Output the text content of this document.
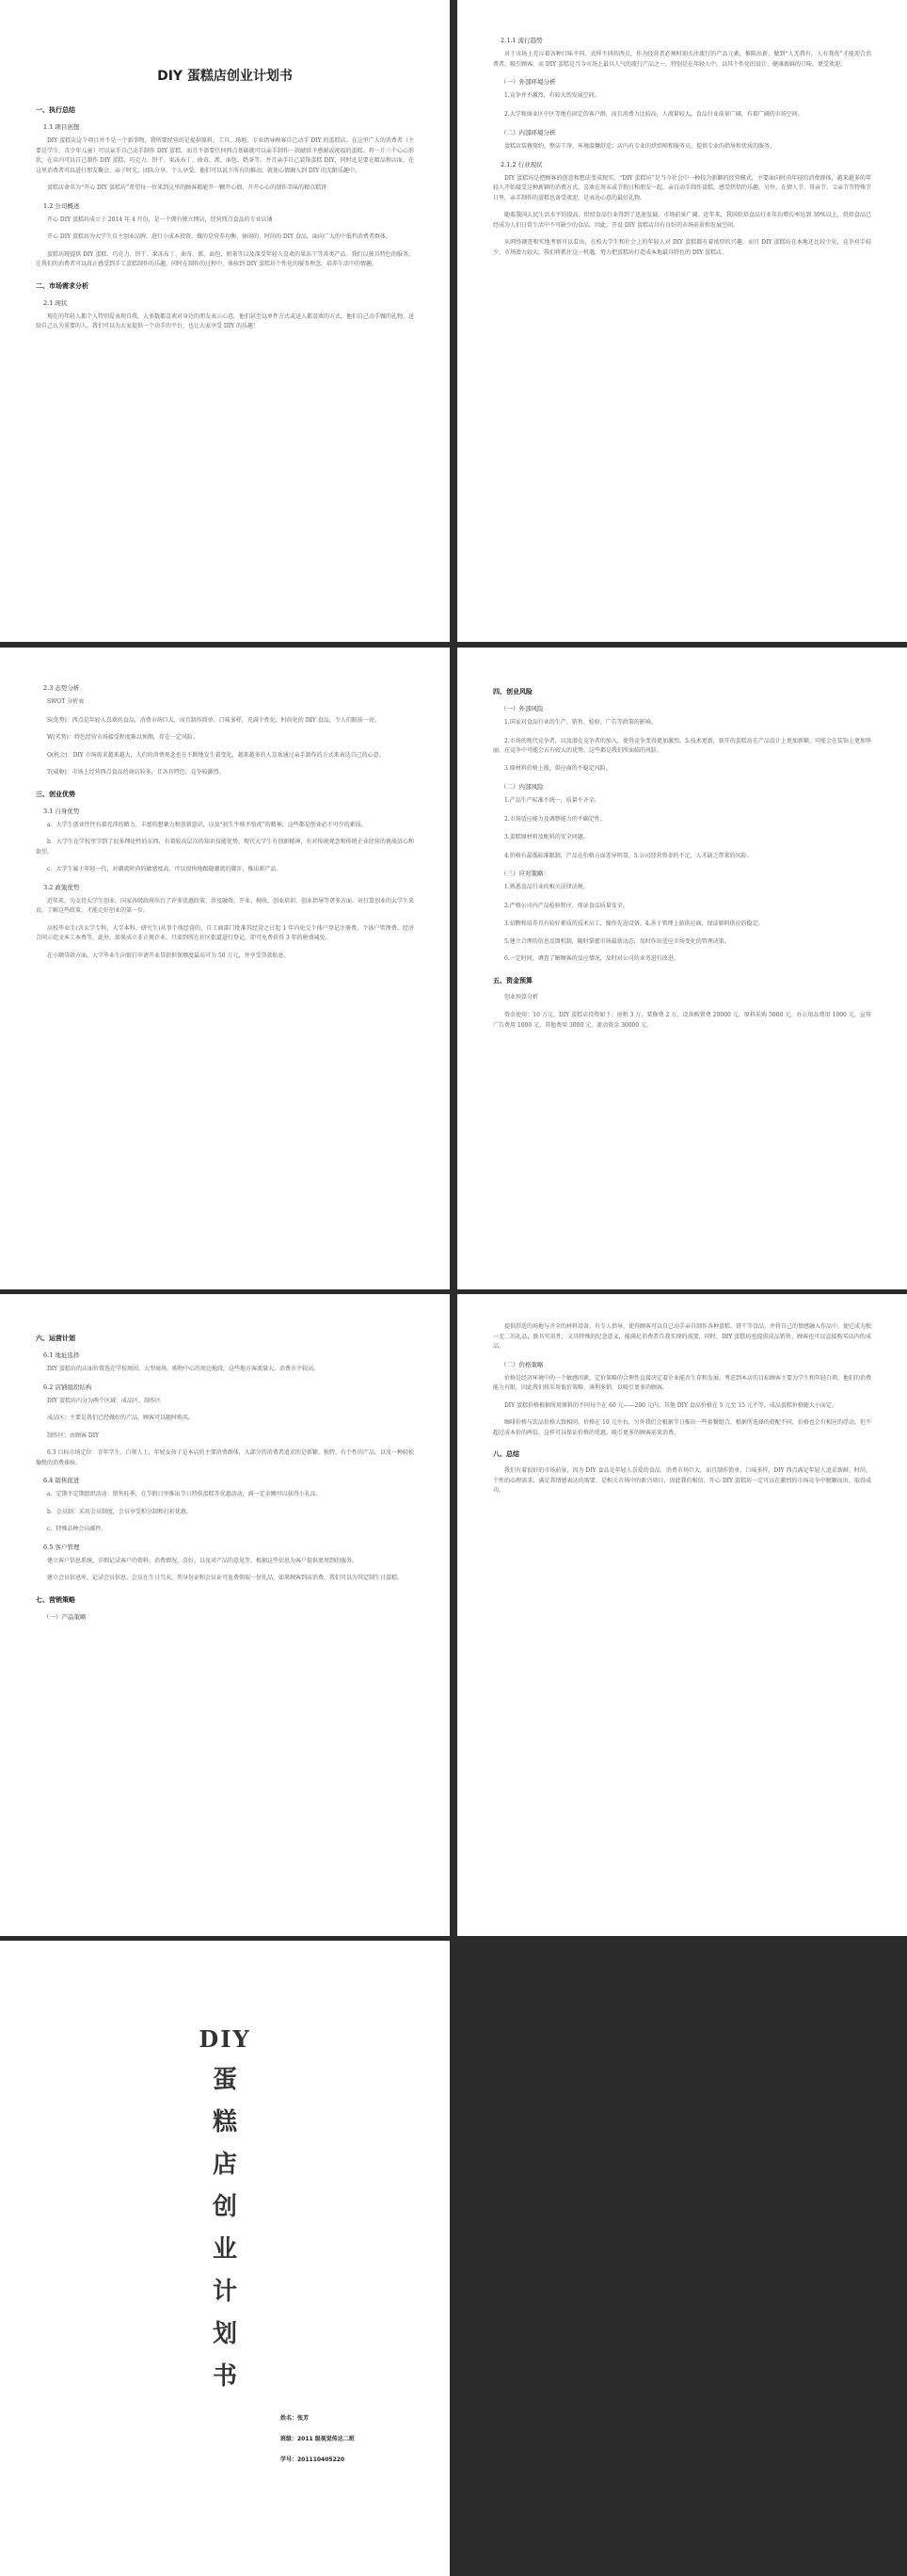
DIY 蛋糕店创业计划书
一、执行总结
1.1 项目创想

DIY 蛋糕店这个项目并不是一个新事物，我所要经营的是提供原料、工具、场地、专业指导顾客自己动手 DIY 的蛋糕店。在这里广大的消费者（主要是学生、青少年儿童）可以亲手自己动手制作 DIY 蛋糕，而且不需要任何西点基础就可以亲手制作一款献给予感谢或祝福的蛋糕。将一片三个心心形状，在店内可以自己制作 DIY 蛋糕、巧克力、饼干、果冻布丁、曲奇、派、面包、奶茶等。并且亲手自己装饰蛋糕 DIY，同时还是要在精品和店面，在这里消费者可以进行朋友聚会、亲子时光，团队分享，个人享受。他们可以说下所有的推动，就使心情融入到 DIY 的无限乐趣中。

蛋糕店命名为“开心 DIY 蛋糕坊”希望每一位来到这里的顾客都能开一颗开心情，开开心心的制作美味的精点糕饼

1.2 公司概述

开心 DIY 蛋糕坊成立于 2014 年 4 月份，是一个拥有独立网店，经营西点食品的专业店铺

开心 DIY 蛋糕坊为大学生自主创业品牌，进行小成本投资，做的是营养均衡、休闲的、时尚的 DIY 食品，面向广大的中低档消费者群体。

蛋糕坊现提供 DIY 蛋糕、巧克力、饼干、果冻布丁、曲奇、派、面包、奶茶等以及深受年轻人喜欢的果冻干等各类产品。我们以独具特色的服务，让我们的消费者可以真正感受到手工蛋糕制作的乐趣，同时在制作的过程中，体验到 DIY 蛋糕坊个性化的服务理念，培养生活中的情趣。

二、市场需求分析
2.1 现状

现在的年轻人都个人特别爱表现自我，大多数都喜欢对身边的朋友表示心意，他们甚至以单件方式或送人都喜欢的方式，他们自己动手做的礼物，送给自己认为重要的人。我们可以为大家提供一个动手的平台，也让大家享受 DIY 的乐趣！

2.1.1 流行趋势

对于市场上充斥着各种口味不同、式样不同的西点，作为经营者必须时刻关注流行的产品元素，推陈出新，做到“人无我有，人有我优”才能迎合消费者，吸引顾客，而 DIY 蛋糕是当今市场上最具人气的流行产品之一，特别是在年轻人中，以其个性化的设计、健康新鲜的口味，更受欢迎。

（一）外部环境分析

1.竞争并不激烈，有较大的发展空间。

2.大学和商业区中区等地有固定的客户群，而且消费力比较高，人流量较大，食品行业前景广阔，有着广阔的市场空间。

（二）内部环境分析

蛋糕店装修简约，整洁干净，环境温馨舒适；店内有专业的烘焙师和服务员，提供专业的指导和优质的服务。

2.1.2 行业现状

DIY 蛋糕坊是把顾客的创意和想法变成现实。“DIY 蛋糕坊”是当今社会中一种较为新颖的经营模式，主要面向时尚年轻的消费群体，越来越多的年轻人开始接受这种新颖的消费方式，喜欢在周末或节假日和朋友一起，亲自动手制作蛋糕，感受烘焙的乐趣。另外，在情人节、母亲节、父亲节等特殊节日里，亲手制作的蛋糕也备受欢迎，是表达心意的最好礼物。

随着我国人民生活水平的提高，烘焙食品行业得到了迅速发展，市场前景广阔。近年来，我国烘焙食品行业年均增长率达到 30%以上，烘焙食品已经成为人们日常生活中不可缺少的食品。因此，开设 DIY 蛋糕店具有良好的市场前景和发展空间。

从网络调查和实地考察可以看出，在校大学生和社会上的年轻人对 DIY 蛋糕都有着浓厚的兴趣，而且 DIY 蛋糕坊在本地还比较少见，竞争对手较少，市场潜力较大。我们将抓住这一机遇，努力把蛋糕坊打造成本地最具特色的 DIY 蛋糕店。

2.3 态势分析

SWOT 分析表

S(优势)：西点是年轻人喜欢的食品，消费市场巨大，而且制作简单、口味多样，充满个性化，时尚化的 DIY 食品，令人们眼前一亮。

W(劣势)：特色经营市场接受程度难以预测，存在一定风险。

O(机会)：DIY 市场需求越来越大，人们的消费观念也在不断地发生着变化，越来越多的人喜欢通过亲手制作的方式来表达自己的心意。

T(威胁)：市场上经营西点食品的商店较多，且各具特色，竞争较激烈。

三、创业优势
3.1 自身优势

a．大学生创业往往有着充沛的精力、丰富的想象力和创新意识，以及“初生牛犊不怕虎”的精神，这些都是创业必不可少的素质。

b．大学生在学校里学到了很多理论性的东西，有着较高层次的知识技能优势，现代大学生有创新精神，有对传统观念和传统企业经营的挑战信心和欲望。

c．大学生属于年轻一代，对潮流时尚的敏感度高，可以很快地跟随潮流的脚步，推出新产品。

3.2 政策优势

近年来，为支持大学生创业，国家各级政府出台了许多优惠政策，涉及融资、开业、税收、创业培训、创业指导等诸多方面。对打算创业的大学生来说，了解这些政策，才能走好创业的第一步。

高校毕业生(含大学专科、大学本科、研究生)从事个体经营的，自工商部门批准其经营之日起 1 年内免交个体户登记注册费、个体户管理费、经济合同示范文本工本费等，此外，如果成立非正规企业，只需到所在社区街道进行登记，即可免费获得 3 年的税费减免。

在小额贷款方面，大学毕业生向银行申请开业贷款担保额度最高可为 50 万元，并享受贷款贴息。

四、创业风险
（一）外部风险

1.国家对食品行业的生产、销售、检验、广告等政策的影响。

2.市场的现代竞争者，以及潜在竞争者的加入。使得竞争变得更加激烈。5.技术更新，新开的蛋糕坊在产品设计上更加新颖、可能会在装饰上更加华丽，在竞争中可能会占有较大的优势，这些都是我们所面临的风险。

3.原材料价格上涨，供应商的不稳定风险。

（二）内部风险

1.产品生产标准不统一，质量不齐全。

2.市场适应能力及调整能力的不确定性。

3.蛋糕原材料及配料的安全问题。

4.价格有最低标准限制，产品在价格方面差异明显，5.公司经营资金的不足，人才缺乏带来的风险。

（三）应对策略：

1.熟悉食品行业的相关法律法规。

2.严格公司内产品检验程序，保证食品质量安全。

3.招聘和培养具有较好素质的技术员工，操作先进设备。4.善于管理上游供应商，保证原料供应的稳定。

5.建立合理的信息反馈机制，随时掌握市场最新动态，及时作出适应市场变化的管理决策。

6.一定时间，调查了解顾客的反应情况，及时对公司的业务进行改进。

五、资金预算

创业预算分析

资金使用：10 万元，DIY 蛋糕店投资如下：房租 3 万，装修费 2 万，设备购置费 20000 元，原料采购 5000 元，办公用品费用 1000 元，宣传广告费用 1000 元，其他费用 3000 元，流动资金 30000 元。

六、运营计划
6.1 地址选择

DIY 蛋糕坊的店面位置选在学校周围、大型商场、购物中心的周边地段，这些地方客流量大，消费水平较高。

6.2 店铺组织结构

DIY 蛋糕坊内分为两个区域：成品区、制作区

成品区：主要是我们已经做好的产品，顾客可以随时购买。

制作区：由顾客 DIY

6.3 目标市场定位：青年学生、白领人士，年轻女孩子是本店的主要消费群体，大部分的消费者追求的是新颖、独特、有个性的产品，以及一种轻松愉悦的消费体验。

6.4 销售促进

a．定期不定期组织活动：销售旺季，在节假日里推出节日特供蛋糕等优惠活动，满一定金额可以获得小礼品。

b．会员制：采用会员制度，会员享受积分制和打折优惠。

c．特殊品种会员邮件。

6.5 客户管理

建立客户信息系统，详细记录客户的资料、消费情况、喜好，以及对产品的意见等，根据这些信息为客户提供更周到的服务。

建立会员信息库，记录会员信息，会员在生日当天，凭身份证和会员证可免费领取一份礼品，如果顾客到店消费，我们可以为其定制生日蛋糕。

七、营销策略
（一）产品策略

提供舒适的场地与齐全的材料设备，有专人指导，使得顾客可以自己动手亲自制作各种蛋糕、饼干等食品，并将自己的情感融入作品中，使它成为独一无二的礼品，既具实用性，又具特殊的纪念意义，能满足消费者自我实现的需要，同时，DIY 蛋糕坊也提供成品销售，顾客也可以直接购买店内的成品。

（二）价格策略

价格是经济环境中的一个敏感因素，定价策略的合理性直接决定着企业能否生存和发展。考虑到本店的目标顾客主要为学生和年轻白领，他们的消费能力有限，因此我们将采用低价策略，薄利多销，以吸引更多的顾客。

DIY 蛋糕价格根据所用原料的不同每个在 60 元——200 元内，其他 DIY 食品价格在 5 元至 15 元不等，成品蛋糕价格随大小而定。

咖啡价格与饮品价格大致相同，价格在 10 元左右，另外我们会根据节日推出一些套餐组合，根据所选择的搭配不同，价格也会有相应的浮动，但不超过成本价的两倍，这样可以保证价格的优惠，吸引更多的顾客前来消费。

八、总结

我们有着很好的市场前景，因为 DIY 食品是年轻人喜爱的食品，消费市场巨大，而且制作简单，口味多样，DIY 西点满足年轻人追求新鲜、时尚、个性的心理需求，满足其情感表达的需要，是相关市场中的新兴项目，因此我们相信，开心 DIY 蛋糕坊一定可以在激烈的市场竞争中脱颖而出，取得成功。

DIY
蛋
糕
店
创
业
计
划
书
姓名：张芳
班级：2011 级视觉传达二班
学号：201110405220
